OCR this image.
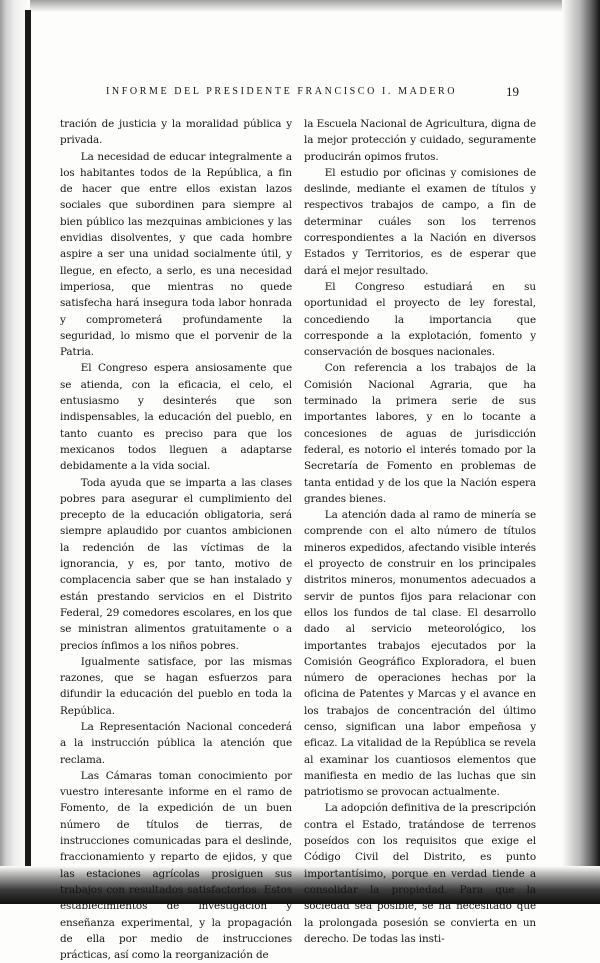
INFORME DEL PRESIDENTE FRANCISCO I. MADERO	19

tración de justicia y la moralidad pública y privada.

La necesidad de educar integralmente a los habitantes todos de la República, a fin de hacer que entre ellos existan lazos sociales que subordinen para siempre al bien público las mezquinas ambiciones y las envidias disolventes, y que cada hombre aspire a ser una unidad socialmente útil, y llegue, en efecto, a serlo, es una necesidad imperiosa, que mientras no quede satisfecha hará insegura toda labor honrada y comprometerá profundamente la seguridad, lo mismo que el porvenir de la Patria.

El Congreso espera ansiosamente que se atienda, con la eficacia, el celo, el entusiasmo y desinterés que son indispensables, la educación del pueblo, en tanto cuanto es preciso para que los mexicanos todos lleguen a adaptarse debidamente a la vida social.

Toda ayuda que se imparta a las clases pobres para asegurar el cumplimiento del precepto de la educación obligatoria, será siempre aplaudido por cuantos ambicionen la redención de las víctimas de la ignorancia, y es, por tanto, motivo de complacencia saber que se han instalado y están prestando servicios en el Distrito Federal, 29 comedores escolares, en los que se ministran alimentos gratuitamente o a precios ínfimos a los niños pobres.

Igualmente satisface, por las mismas razones, que se hagan esfuerzos para difundir la educación del pueblo en toda la República.

La Representación Nacional concederá a la instrucción pública la atención que reclama.

Las Cámaras toman conocimiento por vuestro interesante informe en el ramo de Fomento, de la expedición de un buen número de títulos de tierras, de instrucciones comunicadas para el deslinde, fraccionamiento y reparto de ejidos, y que las estaciones agrícolas prosiguen sus trabajos con resultados satisfactorios. Estos establecimientos de investigación y enseñanza experimental, y la propagación de ella por medio de instrucciones prácticas, así como la reorganización de

la Escuela Nacional de Agricultura, digna de la mejor protección y cuidado, seguramente producirán opimos frutos.

El estudio por oficinas y comisiones de deslinde, mediante el examen de títulos y respectivos trabajos de campo, a fin de determinar cuáles son los terrenos correspondientes a la Nación en diversos Estados y Territorios, es de esperar que dará el mejor resultado.

El Congreso estudiará en su oportunidad el proyecto de ley forestal, concediendo la importancia que corresponde a la explotación, fomento y conservación de bosques nacionales.

Con referencia a los trabajos de la Comisión Nacional Agraria, que ha terminado la primera serie de sus importantes labores, y en lo tocante a concesiones de aguas de jurisdicción federal, es notorio el interés tomado por la Secretaría de Fomento en problemas de tanta entidad y de los que la Nación espera grandes bienes.

La atención dada al ramo de minería se comprende con el alto número de títulos mineros expedidos, afectando visible interés el proyecto de construir en los principales distritos mineros, monumentos adecuados a servir de puntos fijos para relacionar con ellos los fundos de tal clase. El desarrollo dado al servicio meteorológico, los importantes trabajos ejecutados por la Comisión Geográfico Exploradora, el buen número de operaciones hechas por la oficina de Patentes y Marcas y el avance en los trabajos de concentración del último censo, significan una labor empeñosa y eficaz. La vitalidad de la República se revela al examinar los cuantiosos elementos que manifiesta en medio de las luchas que sin patriotismo se provocan actualmente.

La adopción definitiva de la prescripción contra el Estado, tratándose de terrenos poseídos con los requisitos que exige el Código Civil del Distrito, es punto importantísimo, porque en verdad tiende a consolidar la propiedad. Para que la sociedad sea posible, se ha necesitado que la prolongada posesión se convierta en un derecho. De todas las insti-
